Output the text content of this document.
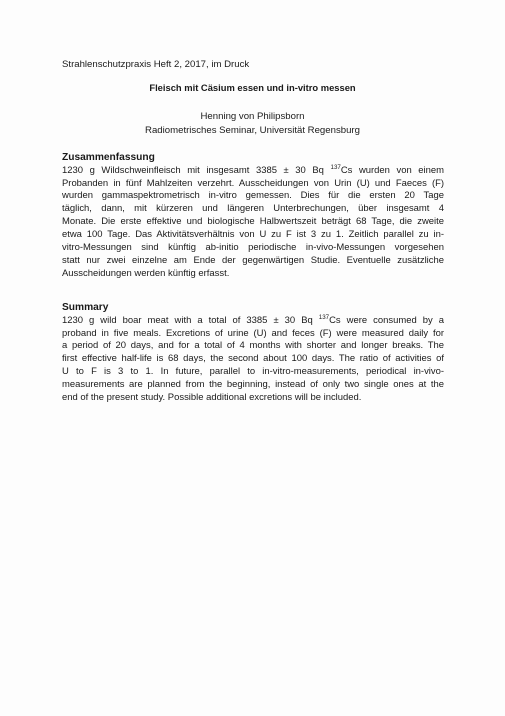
Strahlenschutzpraxis Heft 2, 2017, im Druck
Fleisch mit Cäsium essen und in-vitro messen
Henning von Philipsborn
Radiometrisches Seminar, Universität Regensburg

Zusammenfassung

1230 g Wildschweinfleisch mit insgesamt 3385 ± 30 Bq $^{137}$Cs wurden von einem
Probanden in fünf Mahlzeiten verzehrt. Ausscheidungen von Urin (U) und Faeces (F)
wurden gammaspektrometrisch in-vitro gemessen. Dies für die ersten 20 Tage
täglich, dann, mit kürzeren und längeren Unterbrechungen, über insgesamt 4
Monate. Die erste effektive und biologische Halbwertszeit beträgt 68 Tage, die zweite
etwa 100 Tage. Das Aktivitätsverhältnis von U zu F ist 3 zu 1. Zeitlich parallel zu in-
vitro-Messungen sind künftig ab-initio periodische in-vivo-Messungen vorgesehen
statt nur zwei einzelne am Ende der gegenwärtigen Studie. Eventuelle zusätzliche
Ausscheidungen werden künftig erfasst.

Summary

1230 g wild boar meat with a total of 3385 ± 30 Bq $^{137}$Cs were consumed by a
proband in five meals. Excretions of urine (U) and feces (F) were measured daily for
a period of 20 days, and for a total of 4 months with shorter and longer breaks. The
first effective half-life is 68 days, the second about 100 days. The ratio of activities of
U to F is 3 to 1. In future, parallel to in-vitro-measurements, periodical in-vivo-
measurements are planned from the beginning, instead of only two single ones at the
end of the present study. Possible additional excretions will be included.
